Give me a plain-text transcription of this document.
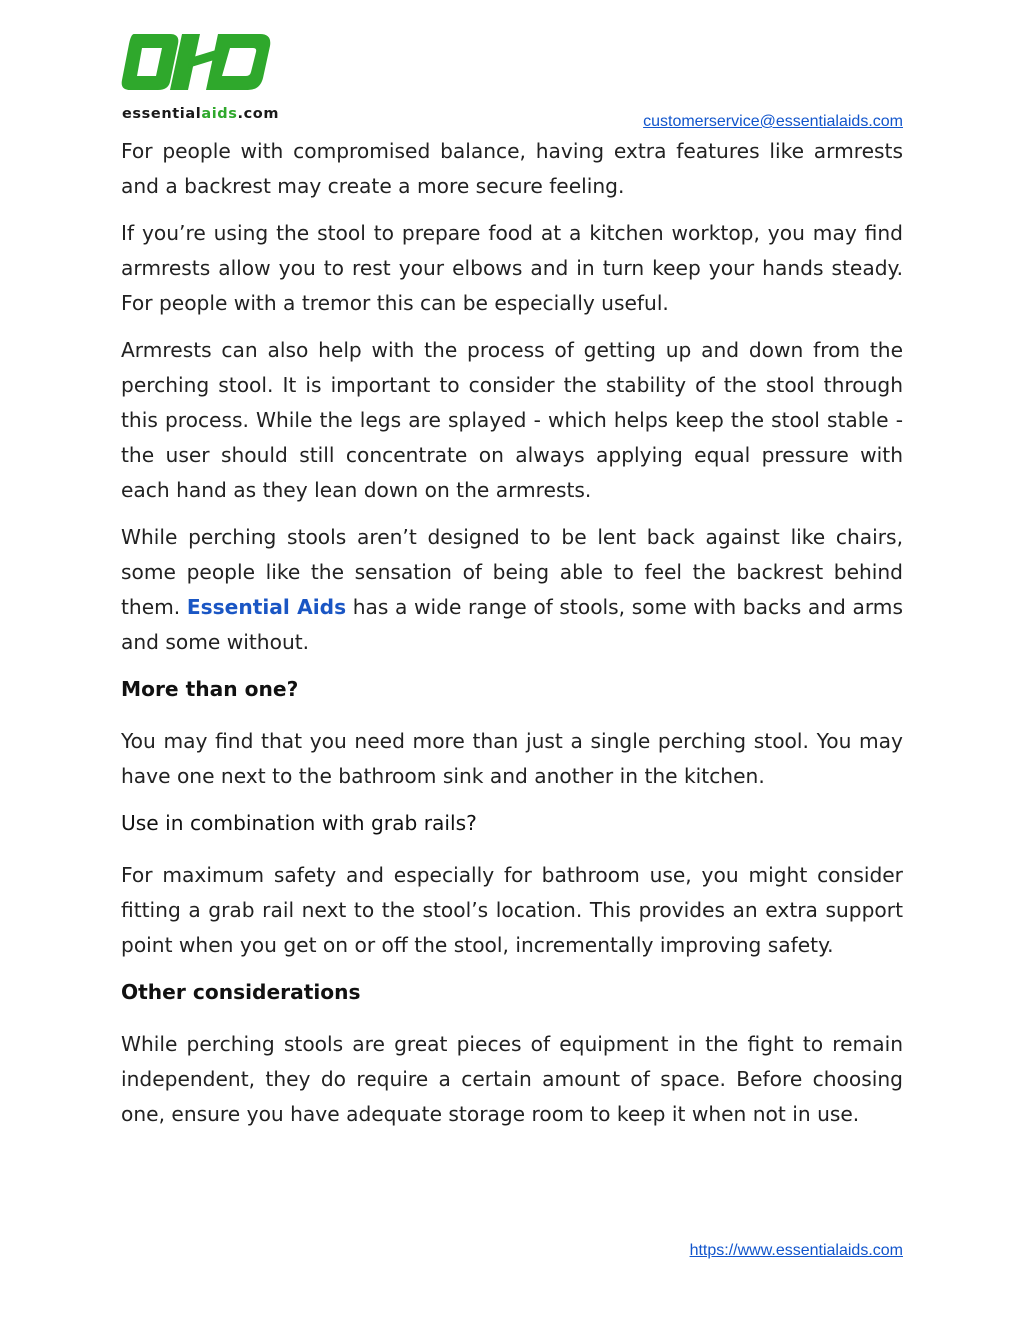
essentialaids.com	customerservice@essentialaids.com

For people with compromised balance, having extra features like armrests and a backrest may create a more secure feeling.

If you’re using the stool to prepare food at a kitchen worktop, you may find armrests allow you to rest your elbows and in turn keep your hands steady. For people with a tremor this can be especially useful.

Armrests can also help with the process of getting up and down from the perching stool. It is important to consider the stability of the stool through this process. While the legs are splayed - which helps keep the stool stable - the user should still concentrate on always applying equal pressure with each hand as they lean down on the armrests.

While perching stools aren’t designed to be lent back against like chairs, some people like the sensation of being able to feel the backrest behind them. Essential Aids has a wide range of stools, some with backs and arms and some without.

More than one?

You may find that you need more than just a single perching stool. You may have one next to the bathroom sink and another in the kitchen.

Use in combination with grab rails?

For maximum safety and especially for bathroom use, you might consider fitting a grab rail next to the stool’s location. This provides an extra support point when you get on or off the stool, incrementally improving safety.

Other considerations

While perching stools are great pieces of equipment in the fight to remain independent, they do require a certain amount of space. Before choosing one, ensure you have adequate storage room to keep it when not in use.

https://www.essentialaids.com
